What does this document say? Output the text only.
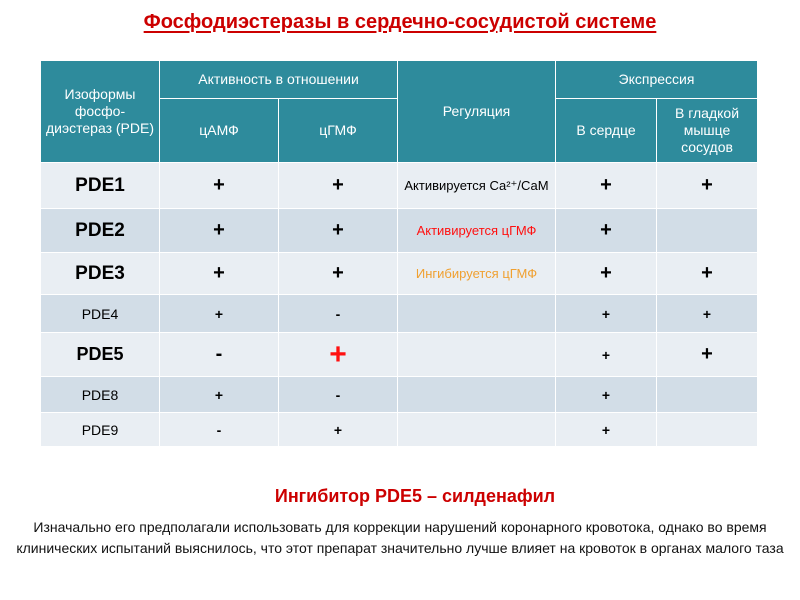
Фосфодиэстеразы в сердечно-сосудистой системе
Изоформы фосфо-диэстераз (PDE)	Активность в отношении		Регуляция	Экспрессия	
	цАМФ	цГМФ		В сердце	В гладкой мышце сосудов
PDE1	+	+	Активируется Са²⁺/СаМ	+	+
PDE2	+	+	Активируется цГМФ	+	
PDE3	+	+	Ингибируется цГМФ	+	+
PDE4	+	-		+	+
PDE5	-	+		+	+
PDE8	+	-		+	
PDE9	-	+		+	
Ингибитор PDE5 – силденафил
Изначально его предполагали использовать для коррекции нарушений коронарного кровотока, однако во время клинических испытаний выяснилось, что этот препарат значительно лучше влияет на кровоток в органах малого таза
